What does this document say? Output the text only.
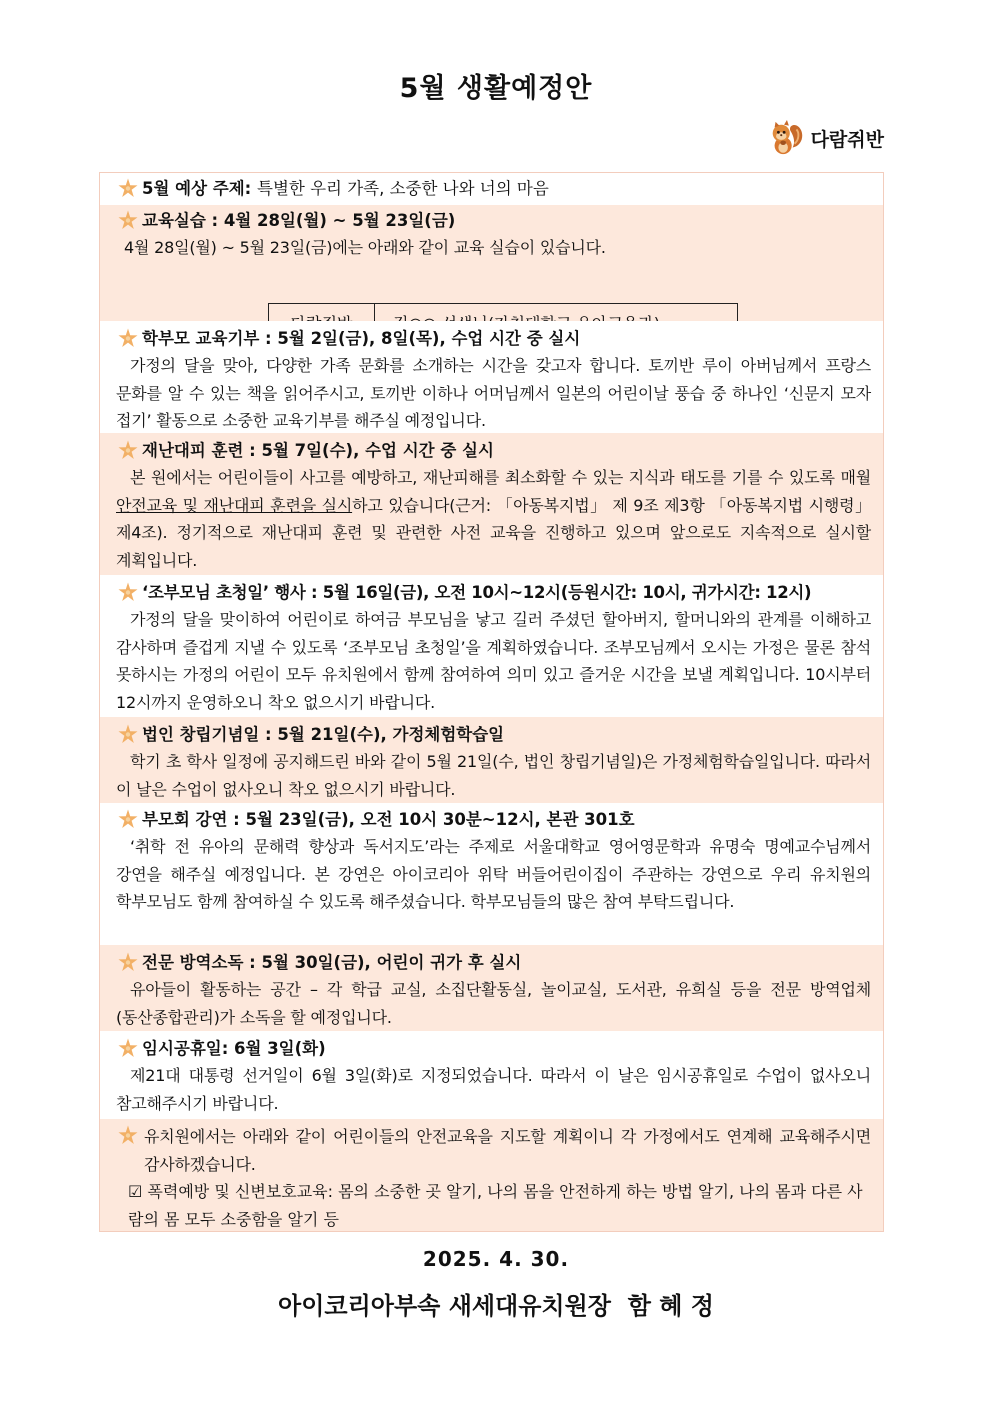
5월 생활예정안
다람쥐반
5월 예상 주제:
특별한 우리 가족, 소중한 나와 너의 마음
교육실습 : 4월 28일(월) ~ 5월 23일(금)
4월 28일(월) ~ 5월 23일(금)에는 아래와 같이 교육 실습이 있습니다.
학부모 교육기부 : 5월 2일(금), 8일(목), 수업 시간 중 실시
가정의 달을 맞아, 다양한 가족 문화를 소개하는 시간을 갖고자 합니다. 토끼반 루이 아버님께서 프랑스 문화를 알 수 있는 책을 읽어주시고, 토끼반 이하나 어머님께서 일본의 어린이날 풍습 중 하나인 ‘신문지 모자 접기’ 활동으로 소중한 교육기부를 해주실 예정입니다.
재난대피 훈련 : 5월 7일(수), 수업 시간 중 실시
본 원에서는 어린이들이 사고를 예방하고, 재난피해를 최소화할 수 있는 지식과 태도를 기를 수 있도록 매월 안전교육 및 재난대피 훈련을 실시하고 있습니다(근거: 「아동복지법」 제 9조 제3항 「아동복지법 시행령」 제4조). 정기적으로 재난대피 훈련 및 관련한 사전 교육을 진행하고 있으며 앞으로도 지속적으로 실시할 계획입니다.
‘조부모님 초청일’ 행사 : 5월 16일(금), 오전 10시~12시(등원시간: 10시, 귀가시간: 12시)
가정의 달을 맞이하여 어린이로 하여금 부모님을 낳고 길러 주셨던 할아버지, 할머니와의 관계를 이해하고 감사하며 즐겁게 지낼 수 있도록 ‘조부모님 초청일’을 계획하였습니다. 조부모님께서 오시는 가정은 물론 참석 못하시는 가정의 어린이 모두 유치원에서 함께 참여하여 의미 있고 즐거운 시간을 보낼 계획입니다. 10시부터 12시까지 운영하오니 착오 없으시기 바랍니다.
법인 창립기념일 : 5월 21일(수), 가정체험학습일
학기 초 학사 일정에 공지해드린 바와 같이 5월 21일(수, 법인 창립기념일)은 가정체험학습일입니다. 따라서 이 날은 수업이 없사오니 착오 없으시기 바랍니다.
부모회 강연 : 5월 23일(금), 오전 10시 30분~12시, 본관 301호
‘취학 전 유아의 문해력 향상과 독서지도’라는 주제로 서울대학교 영어영문학과 유명숙 명예교수님께서 강연을 해주실 예정입니다. 본 강연은 아이코리아 위탁 버들어린이집이 주관하는 강연으로 우리 유치원의 학부모님도 함께 참여하실 수 있도록 해주셨습니다. 학부모님들의 많은 참여 부탁드립니다.
전문 방역소독 : 5월 30일(금), 어린이 귀가 후 실시
유아들이 활동하는 공간 – 각 학급 교실, 소집단활동실, 놀이교실, 도서관, 유희실 등을 전문 방역업체(동산종합관리)가 소독을 할 예정입니다.
임시공휴일: 6월 3일(화)
제21대 대통령 선거일이 6월 3일(화)로 지정되었습니다. 따라서 이 날은 임시공휴일로 수업이 없사오니 참고해주시기 바랍니다.
유치원에서는 아래와 같이 어린이들의 안전교육을 지도할 계획이니 각 가정에서도 연계해 교육해주시면 감사하겠습니다.
☑ 폭력예방 및 신변보호교육: 몸의 소중한 곳 알기, 나의 몸을 안전하게 하는 방법 알기, 나의 몸과 다른 사람의 몸 모두 소중함을 알기 등
2025. 4. 30.
아이코리아부속 새세대유치원장  함 혜 정
